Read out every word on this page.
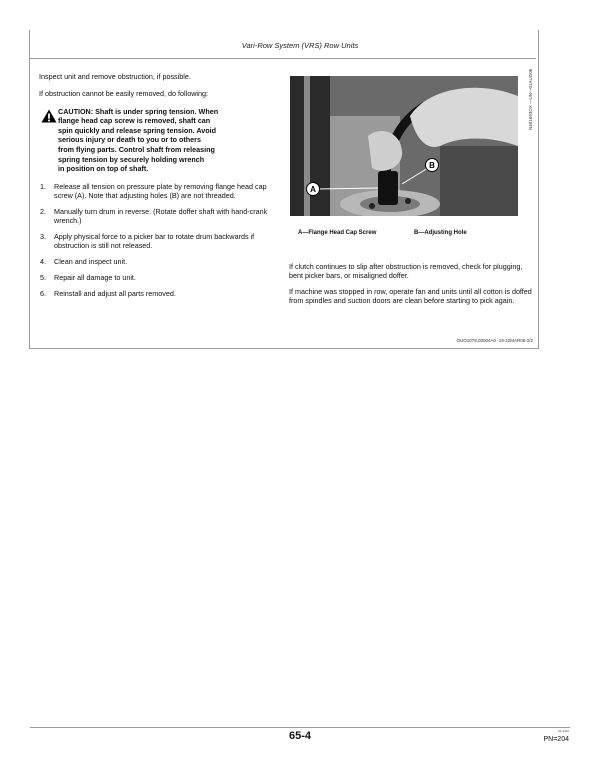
Vari-Row System (VRS) Row Units

Inspect unit and remove obstruction, if possible.

If obstruction cannot be easily removed, do following:

CAUTION: Shaft is under spring tension. When
flange head cap screw is removed, shaft can
spin quickly and release spring tension. Avoid
serious injury or death to you or to others
from flying parts. Control shaft from releasing
spring tension by securely holding wrench
in position on top of shaft.
1. Release all tension on pressure plate by removing flange head cap screw (A). Note that adjusting holes (B) are not threaded.
2. Manually turn drum in reverse. (Rotate doffer shaft with hand-crank wrench.)
3. Apply physical force to a picker bar to rotate drum backwards if obstruction is still not released.
4. Clean and inspect unit.
5. Repair all damage to unit.
6. Reinstall and adjust all parts removed.
A
B
N401693OX —UN—01AUG06
A—Flange Head Cap Screw	B—Adjusting Hole

If clutch continues to slip after obstruction is removed, check for plugging, bent picker bars, or misaligned doffer.

If machine was stopped in row, operate fan and units until all cotton is doffed from spindles and suction doors are clean before starting to pick again.

OUO1078,00004A0 -19-22MAR06-2/2
65-4	06-3406
PN=204
